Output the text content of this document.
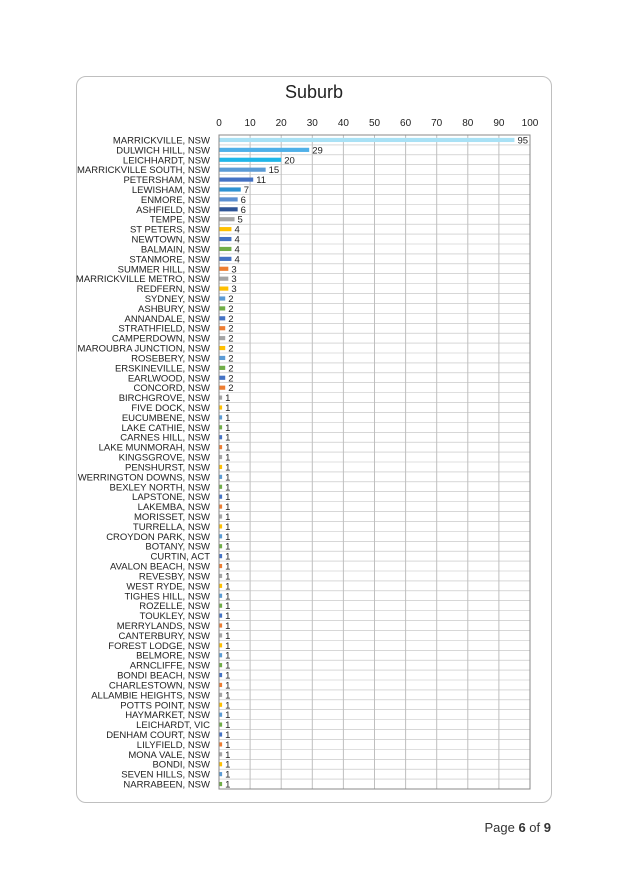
Suburb
0 10 20 30 40 50 60 70 80 90 100
MARRICKVILLE, NSW	95
DULWICH HILL, NSW	29
LEICHHARDT, NSW	20
MARRICKVILLE SOUTH, NSW	15
PETERSHAM, NSW	11
LEWISHAM, NSW	7
ENMORE, NSW	6
ASHFIELD, NSW	6
TEMPE, NSW	5
ST PETERS, NSW	4
NEWTOWN, NSW	4
BALMAIN, NSW	4
STANMORE, NSW	4
SUMMER HILL, NSW 3
MARRICKVILLE METRO, NSW 3
REDFERN, NSW 3
SYDNEY, NSW 2
ASHBURY, NSW 2
ANNANDALE, NSW 2
STRATHFIELD, NSW 2
CAMPERDOWN, NSW 2
MAROUBRA JUNCTION, NSW 2
ROSEBERY, NSW 2
ERSKINEVILLE, NSW 2
EARLWOOD, NSW 2
CONCORD, NSW 2
BIRCHGROVE, NSW 1
FIVE DOCK, NSW 1
EUCUMBENE, NSW 1
LAKE CATHIE, NSW 1
CARNES HILL, NSW 1
LAKE MUNMORAH, NSW 1
KINGSGROVE, NSW 1
PENSHURST, NSW 1
WERRINGTON DOWNS, NSW 1
BEXLEY NORTH, NSW 1
LAPSTONE, NSW 1
LAKEMBA, NSW 1
MORISSET, NSW 1
TURRELLA, NSW 1
CROYDON PARK, NSW 1
BOTANY, NSW 1
CURTIN, ACT 1
AVALON BEACH, NSW 1
REVESBY, NSW 1
WEST RYDE, NSW 1
TIGHES HILL, NSW 1
ROZELLE, NSW 1
TOUKLEY, NSW 1
MERRYLANDS, NSW 1
CANTERBURY, NSW 1
FOREST LODGE, NSW 1
BELMORE, NSW 1
ARNCLIFFE, NSW 1
BONDI BEACH, NSW 1
CHARLESTOWN, NSW 1
ALLAMBIE HEIGHTS, NSW 1
POTTS POINT, NSW 1
HAYMARKET, NSW 1
LEICHARDT, VIC 1
DENHAM COURT, NSW 1
LILYFIELD, NSW 1
MONA VALE, NSW 1
BONDI, NSW 1
SEVEN HILLS, NSW 1
NARRABEEN, NSW 1
Page 6 of 9
